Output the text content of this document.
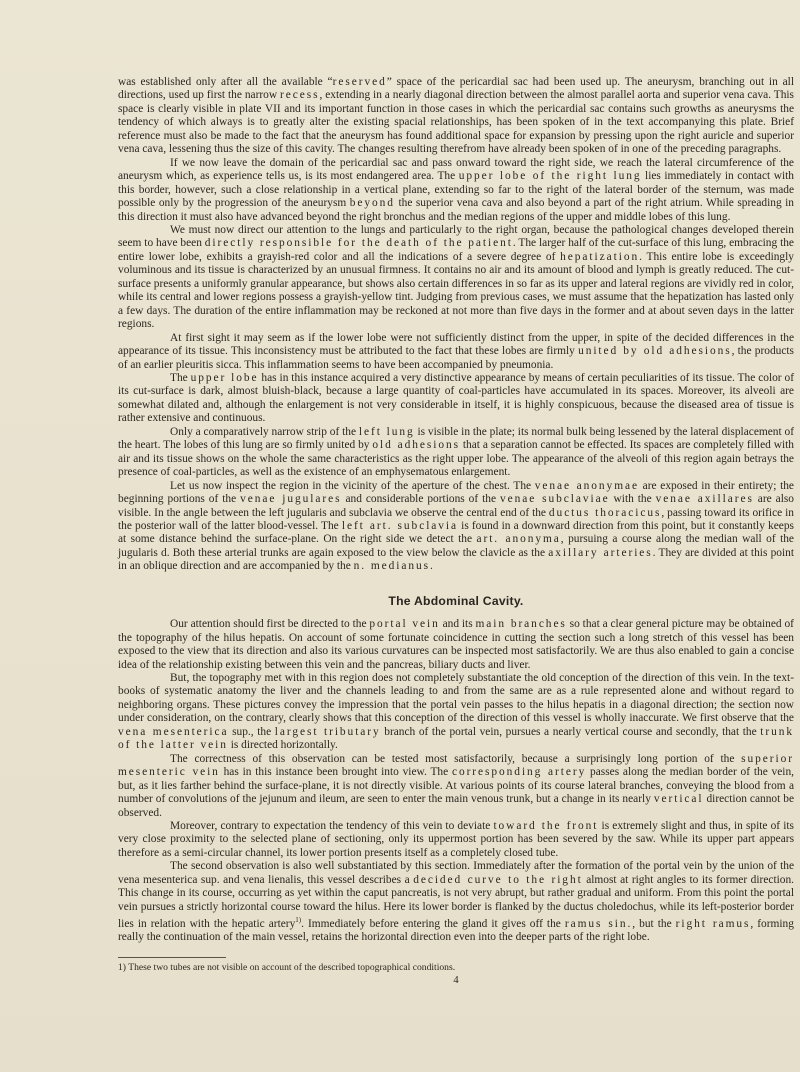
was established only after all the available “reserved” space of the pericardial sac had been used up. The aneurysm, branching out in all directions, used up first the narrow recess, extending in a nearly diagonal direction between the almost parallel aorta and superior vena cava. This space is clearly visible in plate VII and its important function in those cases in which the pericardial sac contains such growths as aneurysms the tendency of which always is to greatly alter the existing spacial relationships, has been spoken of in the text accompanying this plate. Brief reference must also be made to the fact that the aneurysm has found additional space for expansion by pressing upon the right auricle and superior vena cava, lessening thus the size of this cavity. The changes resulting therefrom have already been spoken of in one of the preceding paragraphs.

If we now leave the domain of the pericardial sac and pass onward toward the right side, we reach the lateral circumference of the aneurysm which, as experience tells us, is its most endangered area. The upper lobe of the right lung lies immediately in contact with this border, however, such a close relationship in a vertical plane, extending so far to the right of the lateral border of the sternum, was made possible only by the progression of the aneurysm beyond the superior vena cava and also beyond a part of the right atrium. While spreading in this direction it must also have advanced beyond the right bronchus and the median regions of the upper and middle lobes of this lung.

We must now direct our attention to the lungs and particularly to the right organ, because the pathological changes developed therein seem to have been directly responsible for the death of the patient. The larger half of the cut-surface of this lung, embracing the entire lower lobe, exhibits a grayish-red color and all the indications of a severe degree of hepatization. This entire lobe is exceedingly voluminous and its tissue is characterized by an unusual firmness. It contains no air and its amount of blood and lymph is greatly reduced. The cut-surface presents a uniformly granular appearance, but shows also certain differences in so far as its upper and lateral regions are vividly red in color, while its central and lower regions possess a grayish-yellow tint. Judging from previous cases, we must assume that the hepatization has lasted only a few days. The duration of the entire inflammation may be reckoned at not more than five days in the former and at about seven days in the latter regions.

At first sight it may seem as if the lower lobe were not sufficiently distinct from the upper, in spite of the decided differences in the appearance of its tissue. This inconsistency must be attributed to the fact that these lobes are firmly united by old adhesions, the products of an earlier pleuritis sicca. This inflammation seems to have been accompanied by pneumonia.

The upper lobe has in this instance acquired a very distinctive appearance by means of certain peculiarities of its tissue. The color of its cut-surface is dark, almost bluish-black, because a large quantity of coal-particles have accumulated in its spaces. Moreover, its alveoli are somewhat dilated and, although the enlargement is not very considerable in itself, it is highly conspicuous, because the diseased area of tissue is rather extensive and continuous.

Only a comparatively narrow strip of the left lung is visible in the plate; its normal bulk being lessened by the lateral displacement of the heart. The lobes of this lung are so firmly united by old adhesions that a separation cannot be effected. Its spaces are completely filled with air and its tissue shows on the whole the same characteristics as the right upper lobe. The appearance of the alveoli of this region again betrays the presence of coal-particles, as well as the existence of an emphysematous enlargement.

Let us now inspect the region in the vicinity of the aperture of the chest. The venae anonymae are exposed in their entirety; the beginning portions of the venae jugulares and considerable portions of the venae subclaviae with the venae axillares are also visible. In the angle between the left jugularis and subclavia we observe the central end of the ductus thoracicus, passing toward its orifice in the posterior wall of the latter blood-vessel. The left art. subclavia is found in a downward direction from this point, but it constantly keeps at some distance behind the surface-plane. On the right side we detect the art. anonyma, pursuing a course along the median wall of the jugularis d. Both these arterial trunks are again exposed to the view below the clavicle as the axillary arteries. They are divided at this point in an oblique direction and are accompanied by the n. medianus.

The Abdominal Cavity.

Our attention should first be directed to the portal vein and its main branches so that a clear general picture may be obtained of the topography of the hilus hepatis. On account of some fortunate coincidence in cutting the section such a long stretch of this vessel has been exposed to the view that its direction and also its various curvatures can be inspected most satisfactorily. We are thus also enabled to gain a concise idea of the relationship existing between this vein and the pancreas, biliary ducts and liver.

But, the topography met with in this region does not completely substantiate the old conception of the direction of this vein. In the text-books of systematic anatomy the liver and the channels leading to and from the same are as a rule represented alone and without regard to neighboring organs. These pictures convey the impression that the portal vein passes to the hilus hepatis in a diagonal direction; the section now under consideration, on the contrary, clearly shows that this conception of the direction of this vessel is wholly inaccurate. We first observe that the vena mesenterica sup., the largest tributary branch of the portal vein, pursues a nearly vertical course and secondly, that the trunk of the latter vein is directed horizontally.

The correctness of this observation can be tested most satisfactorily, because a surprisingly long portion of the superior mesenteric vein has in this instance been brought into view. The corresponding artery passes along the median border of the vein, but, as it lies farther behind the surface-plane, it is not directly visible. At various points of its course lateral branches, conveying the blood from a number of convolutions of the jejunum and ileum, are seen to enter the main venous trunk, but a change in its nearly vertical direction cannot be observed.

Moreover, contrary to expectation the tendency of this vein to deviate toward the front is extremely slight and thus, in spite of its very close proximity to the selected plane of sectioning, only its uppermost portion has been severed by the saw. While its upper part appears therefore as a semi-circular channel, its lower portion presents itself as a completely closed tube.

The second observation is also well substantiated by this section. Immediately after the formation of the portal vein by the union of the vena mesenterica sup. and vena lienalis, this vessel describes a decided curve to the right almost at right angles to its former direction. This change in its course, occurring as yet within the caput pancreatis, is not very abrupt, but rather gradual and uniform. From this point the portal vein pursues a strictly horizontal course toward the hilus. Here its lower border is flanked by the ductus choledochus, while its left-posterior border lies in relation with the hepatic artery$^{1)}$. Immediately before entering the gland it gives off the ramus sin., but the right ramus, forming really the continuation of the main vessel, retains the horizontal direction even into the deeper parts of the right lobe.

1) These two tubes are not visible on account of the described topographical conditions.

4
